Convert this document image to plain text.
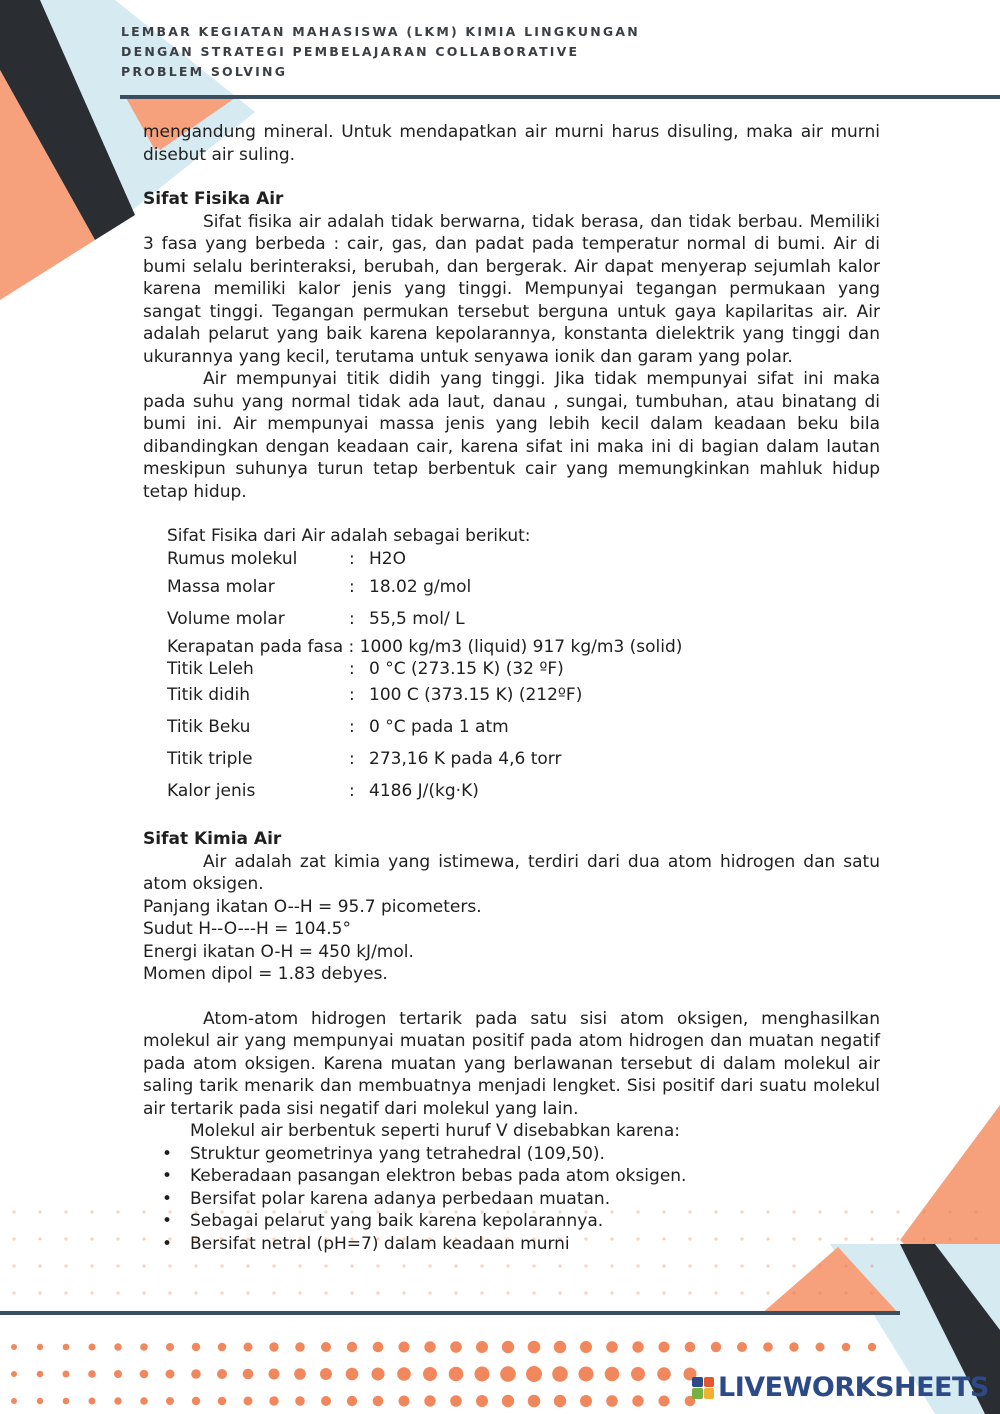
LEMBAR KEGIATAN MAHASISWA (LKM) KIMIA LINGKUNGAN
DENGAN STRATEGI PEMBELAJARAN COLLABORATIVE
PROBLEM SOLVING

mengandung mineral. Untuk mendapatkan air murni harus disuling, maka air murni disebut air suling.

Sifat Fisika Air

Sifat fisika air adalah tidak berwarna, tidak berasa, dan tidak berbau. Memiliki 3 fasa yang berbeda : cair, gas, dan padat pada temperatur normal di bumi. Air di bumi selalu berinteraksi, berubah, dan bergerak. Air dapat menyerap sejumlah kalor karena memiliki kalor jenis yang tinggi. Mempunyai tegangan permukaan yang sangat tinggi. Tegangan permukan tersebut berguna untuk gaya kapilaritas air. Air adalah pelarut yang baik karena kepolarannya, konstanta dielektrik yang tinggi dan ukurannya yang kecil, terutama untuk senyawa ionik dan garam yang polar.

Air mempunyai titik didih yang tinggi. Jika tidak mempunyai sifat ini maka pada suhu yang normal tidak ada laut, danau , sungai, tumbuhan, atau binatang di bumi ini. Air mempunyai massa jenis yang lebih kecil dalam keadaan beku bila dibandingkan dengan keadaan cair, karena sifat ini maka ini di bagian dalam lautan meskipun suhunya turun tetap berbentuk cair yang memungkinkan mahluk hidup tetap hidup.

Sifat Fisika dari Air adalah sebagai berikut:
Rumus molekul	: H2O
Massa molar	: 18.02 g/mol
Volume molar	: 55,5 mol/ L
Kerapatan pada fasa : 1000 kg/m3 (liquid) 917 kg/m3 (solid)
Titik Leleh	: 0 °C (273.15 K) (32 ºF)
Titik didih	: 100 C (373.15 K) (212ºF)
Titik Beku	: 0 °C pada 1 atm
Titik triple	: 273,16 K pada 4,6 torr
Kalor jenis	: 4186 J/(kg·K)

Sifat Kimia Air

Air adalah zat kimia yang istimewa, terdiri dari dua atom hidrogen dan satu atom oksigen.

Panjang ikatan O--H = 95.7 picometers.
Sudut H--O---H = 104.5°
Energi ikatan O-H = 450 kJ/mol.
Momen dipol = 1.83 debyes.

Atom-atom hidrogen tertarik pada satu sisi atom oksigen, menghasilkan molekul air yang mempunyai muatan positif pada atom hidrogen dan muatan negatif pada atom oksigen. Karena muatan yang berlawanan tersebut di dalam molekul air saling tarik menarik dan membuatnya menjadi lengket. Sisi positif dari suatu molekul air tertarik pada sisi negatif dari molekul yang lain.

Molekul air berbentuk seperti huruf V disebabkan karena:
• Struktur geometrinya yang tetrahedral (109,50).
• Keberadaan pasangan elektron bebas pada atom oksigen.
• Bersifat polar karena adanya perbedaan muatan.
• Sebagai pelarut yang baik karena kepolarannya.
• Bersifat netral (pH=7) dalam keadaan murni
LIVEWORKSHEETS
